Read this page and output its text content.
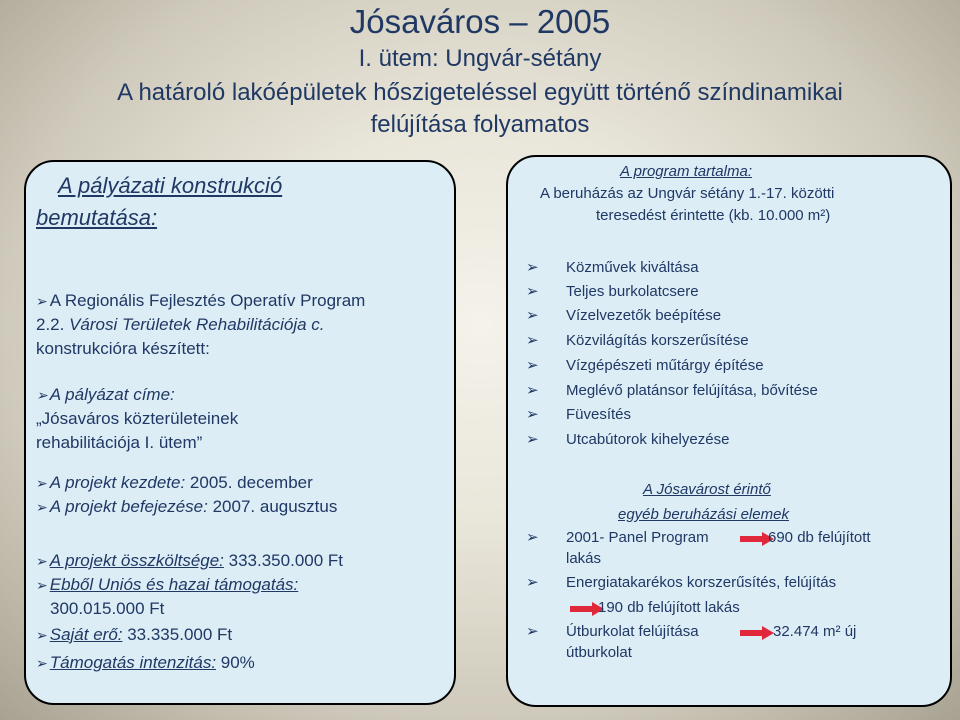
Jósaváros – 2005
I. ütem: Ungvár-sétány
A határoló lakóépületek hőszigeteléssel együtt történő színdinamikai
felújítása folyamatos
A pályázati konstrukció
bemutatása:
➢ A Regionális Fejlesztés Operatív Program
2.2. Városi Területek Rehabilitációja c.
konstrukcióra készített:
➢ A pályázat címe:
„Jósaváros közterületeinek
rehabilitációja I. ütem”
➢ A projekt kezdete: 2005. december
➢ A projekt befejezése: 2007. augusztus
➢ A projekt összköltsége: 333.350.000 Ft
➢ Ebből Uniós és hazai támogatás:
300.015.000 Ft
➢ Saját erő: 33.335.000 Ft
➢ Támogatás intenzitás: 90%
A program tartalma:
A beruházás az Ungvár sétány 1.-17. közötti
teresedést érintette (kb. 10.000 m²)
➢ Közművek kiváltása
➢ Teljes burkolatcsere
➢ Vízelvezetők beépítése
➢ Közvilágítás korszerűsítése
➢ Vízgépészeti műtárgy építése
➢ Meglévő platánsor felújítása, bővítése
➢ Füvesítés
➢ Utcabútorok kihelyezése
A Jósavárost érintő
egyéb beruházási elemek
➢ 2001- Panel Program	690 db felújított
lakás
➢ Energiatakarékos korszerűsítés, felújítás
190 db felújított lakás
➢ Útburkolat felújítása	32.474 m² új
útburkolat
